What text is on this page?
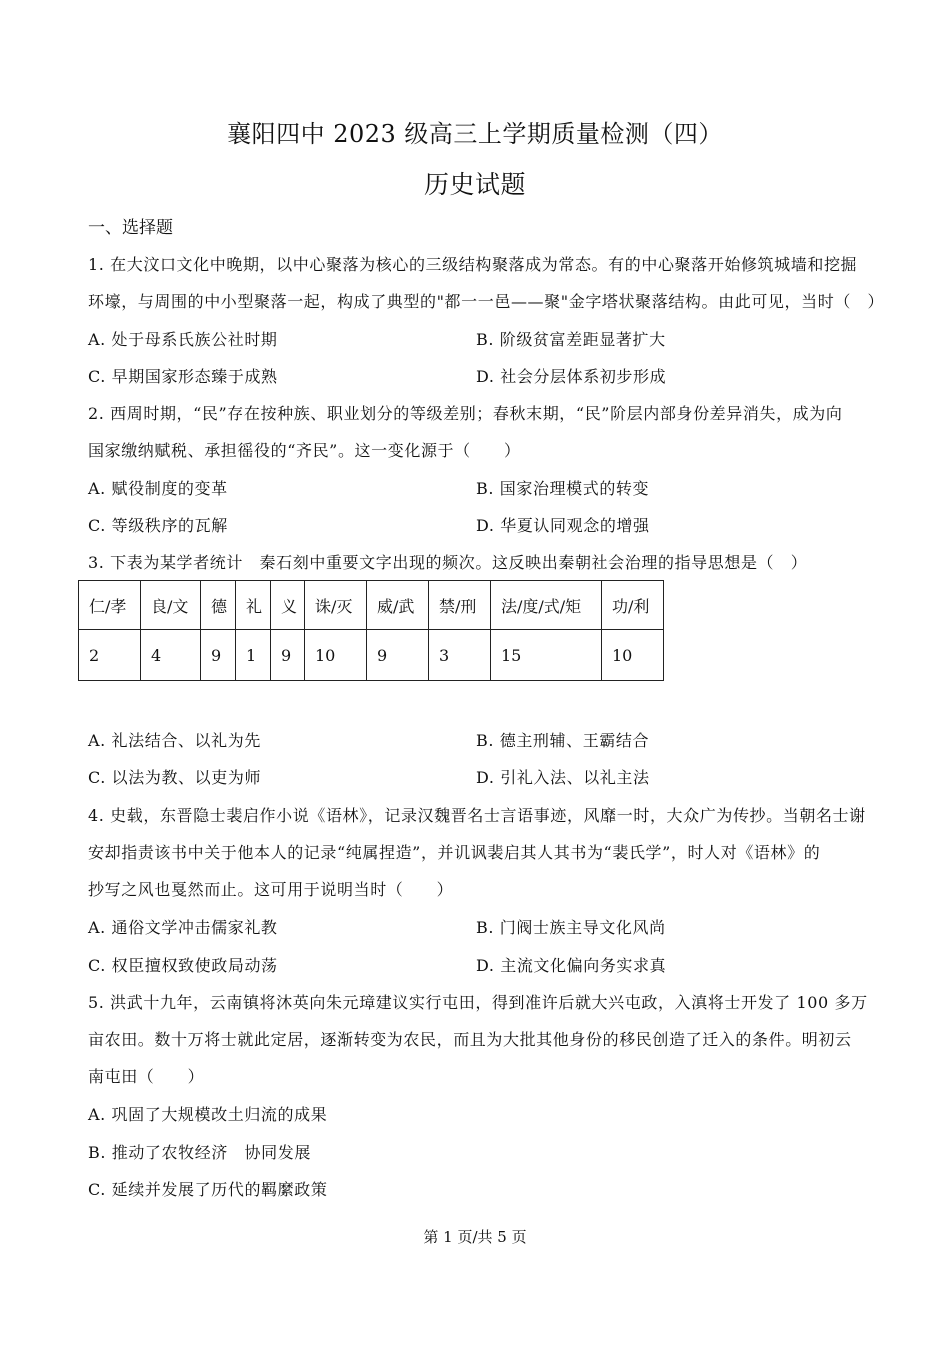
襄阳四中 2023 级高三上学期质量检测（四）
历史试题
一、选择题
1. 在大汶口文化中晚期，以中心聚落为核心的三级结构聚落成为常态。有的中心聚落开始修筑城墙和挖掘
环壕，与周围的中小型聚落一起，构成了典型的"都一一邑——聚"金字塔状聚落结构。由此可见，当时（　）
A. 处于母系氏族公社时期	B. 阶级贫富差距显著扩大
C. 早期国家形态臻于成熟	D. 社会分层体系初步形成
2. 西周时期，“民”存在按种族、职业划分的等级差别；春秋末期，“民”阶层内部身份差异消失，成为向
国家缴纳赋税、承担徭役的“齐民”。这一变化源于（　　）
A. 赋役制度的变革	B. 国家治理模式的转变
C. 等级秩序的瓦解	D. 华夏认同观念的增强
3. 下表为某学者统计　秦石刻中重要文字出现的频次。这反映出秦朝社会治理的指导思想是（　）
仁/孝	良/文	德	礼	义	诛/灭	威/武	禁/刑	法/度/式/矩	功/利
2	4	9	1	9	10	9	3	15	10
A. 礼法结合、以礼为先	B. 德主刑辅、王霸结合
C. 以法为教、以吏为师	D. 引礼入法、以礼主法
4. 史载，东晋隐士裴启作小说《语林》，记录汉魏晋名士言语事迹，风靡一时，大众广为传抄。当朝名士谢
安却指责该书中关于他本人的记录“纯属捏造”，并讥讽裴启其人其书为“裴氏学”，时人对《语林》的
抄写之风也戛然而止。这可用于说明当时（　　）
A. 通俗文学冲击儒家礼教	B. 门阀士族主导文化风尚
C. 权臣擅权致使政局动荡	D. 主流文化偏向务实求真
5. 洪武十九年，云南镇将沐英向朱元璋建议实行屯田，得到准许后就大兴屯政，入滇将士开发了 100 多万
亩农田。数十万将士就此定居，逐渐转变为农民，而且为大批其他身份的移民创造了迁入的条件。明初云
南屯田（　　）
A. 巩固了大规模改土归流的成果
B. 推动了农牧经济　协同发展
C. 延续并发展了历代的羁縻政策
第 1 页/共 5 页
